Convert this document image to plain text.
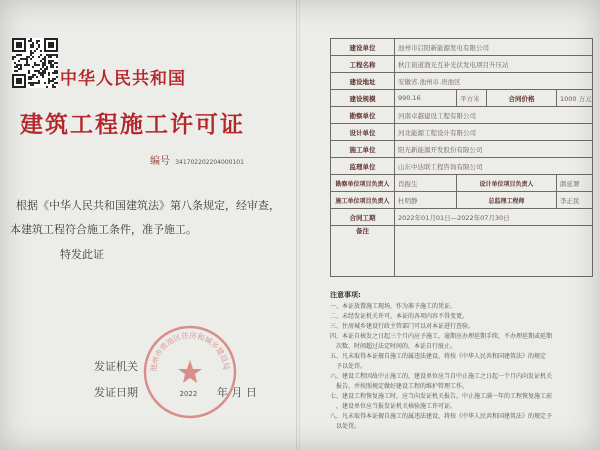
中华人民共和国
建筑工程施工许可证
编号 341702202204000101
根据《中华人民共和国建筑法》第八条规定，经审查，
本建筑工程符合施工条件，准予施工。
特发此证
发证机关
发证日期	2022 年 月 日
池州市贵池区住房和城乡建设局
建设单位	池州市启阳新能源发电有限公司			
工程名称	秋江街道渔光互补光伏发电项目升压站			
建设地址	安徽省.池州市.贵池区			
建设规模	990.16	平方米	合同价格	1000 万元
勘察单位	河南卓越建设工程有限公司			
设计单位	河北能源工程设计有限公司			
施工单位	阳光新能源开发股份有限公司			
监理单位	山东中达联工程咨询有限公司			
勘察单位项目负责人	肖振生	设计单位项目负责人		颜延署
施工单位项目负责人	杜明静	总监理工程师		李正民
合同工期	2022年01月01日—2022年07月30日			
备注				
注意事项:
一、本证放置施工现场，作为准予施工的凭证。
二、未经发证机关许可，本证的各项内容不得变更。
三、住房城乡建设行政主管部门可以对本证进行查验。
四、本证自核发之日起三个月内应予施工，逾期应办理延期手续，不办理延期或延期
次数、时间超过法定时间的，本证自行废止。
五、凡未取得本证擅自施工的属违法建设，将按《中华人民共和国建筑法》的规定
予以处罚。
六、建设工程因故中止施工的，建设单位应当自中止施工之日起一个月内向发证机关
报告，并按照规定做好建设工程的维护管理工作。
七、建设工程恢复施工时，应当向发证机关报告，中止施工满一年的工程恢复施工前
，建设单位应当报发证机关核验施工许可证。
八、凡未取得本证擅自施工的属违法建设，将按《中华人民共和国建筑法》的规定予
以处罚。
